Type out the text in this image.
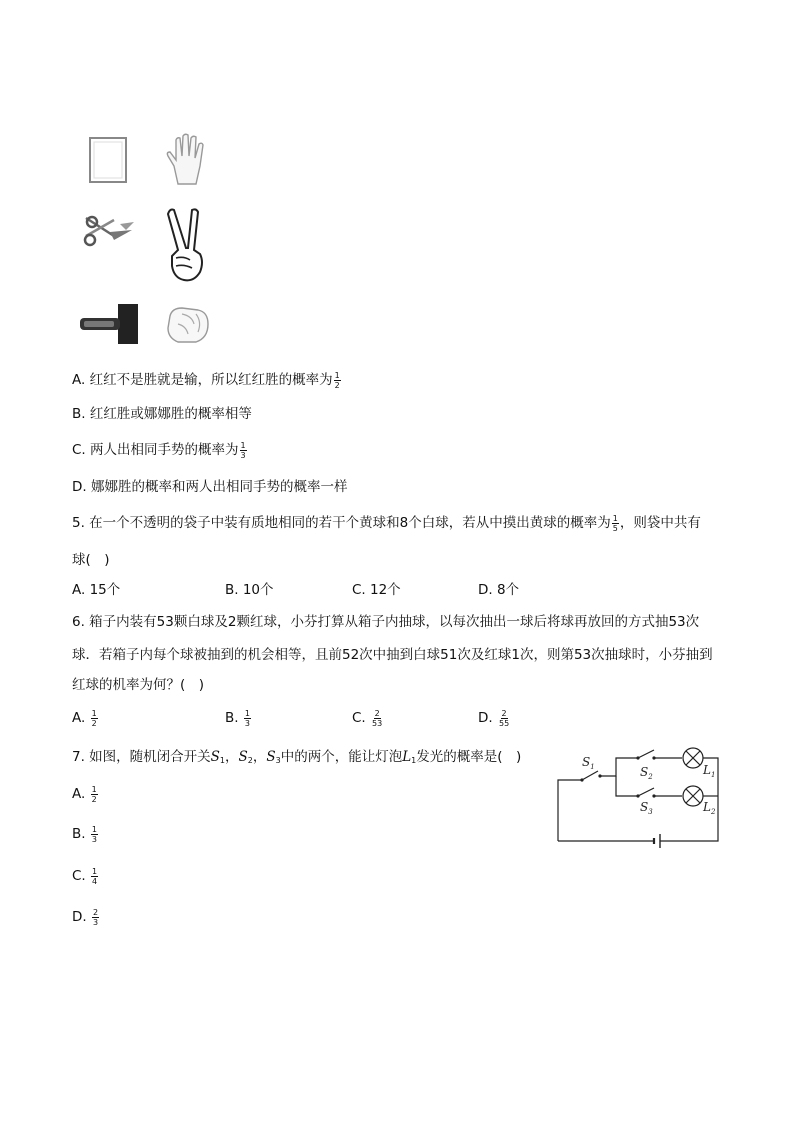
A. 红红不是胜就是输，所以红红胜的概率为 $\frac{1}{2}$
B. 红红胜或娜娜胜的概率相等
C. 两人出相同手势的概率为 $\frac{1}{3}$
D. 娜娜胜的概率和两人出相同手势的概率一样
5. 在一个不透明的袋子中装有质地相同的若干个黄球和8个白球，若从中摸出黄球的概率为 $\frac{1}{5}$ ，则袋中共有
球(　)
A. 15个	B. 10个	C. 12个	D. 8个
6. 箱子内装有53颗白球及2颗红球，小芬打算从箱子内抽球，以每次抽出一球后将球再放回的方式抽53次
球．若箱子内每个球被抽到的机会相等，且前52次中抽到白球51次及红球1次，则第53次抽球时，小芬抽到
红球的机率为何？(　)
A. $\frac{1}{2}$	B. $\frac{1}{3}$	C. $\frac{2}{53}$	D. $\frac{2}{55}$
7. 如图，随机闭合开关$S_1$，$S_2$，$S_3$中的两个，能让灯泡$L_1$发光的概率是(　)
A. $\frac{1}{2}$
B. $\frac{1}{3}$
C. $\frac{1}{4}$
D. $\frac{2}{3}$
$S_1$	$S_2$
$S_3$
$L_1$
$L_2$
